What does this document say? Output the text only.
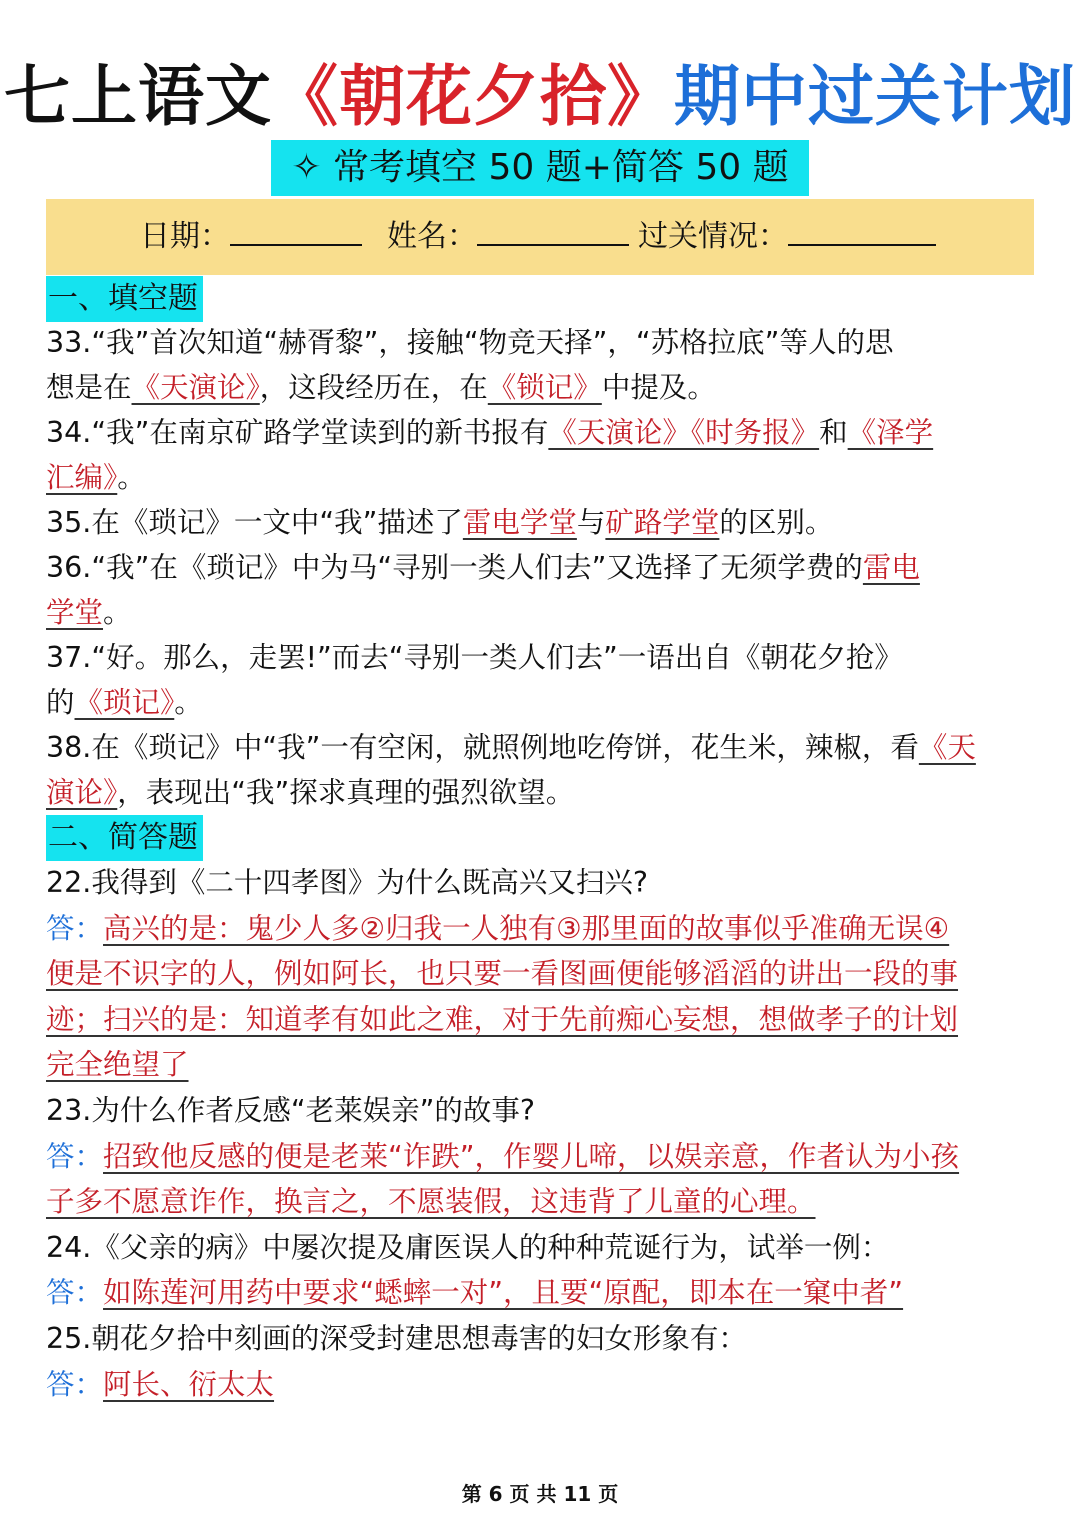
七上语文《朝花夕拾》期中过关计划
✧ 常考填空 50 题+简答 50 题
日期：	姓名：	过关情况：
一、填空题
33.“我”首次知道“赫胥黎”，接触“物竞天择”，“苏格拉底”等人的思
想是在《天演论》，这段经历在，在《锁记》中提及。
34.“我”在南京矿路学堂读到的新书报有《天演论》《时务报》和《泽学
汇编》。
35.在《琐记》一文中“我”描述了雷电学堂与矿路学堂的区别。
36.“我”在《琐记》中为马“寻别一类人们去”又选择了无须学费的雷电
学堂。
37.“好。那么，走罢!”而去“寻别一类人们去”一语出自《朝花夕抢》
的《琐记》。
38.在《琐记》中“我”一有空闲，就照例地吃侉饼，花生米，辣椒，看《天
演论》，表现出“我”探求真理的强烈欲望。
二、简答题
22.我得到《二十四孝图》为什么既高兴又扫兴?
答：高兴的是：鬼少人多②归我一人独有③那里面的故事似乎准确无误④
便是不识字的人，例如阿长，也只要一看图画便能够滔滔的讲出一段的事
迹；扫兴的是：知道孝有如此之难，对于先前痴心妄想，想做孝子的计划
完全绝望了
23.为什么作者反感“老莱娱亲”的故事?
答：招致他反感的便是老莱“诈跌”，作婴儿啼，以娱亲意，作者认为小孩
子多不愿意诈作，换言之，不愿装假，这违背了儿童的心理。
24.《父亲的病》中屡次提及庸医误人的种种荒诞行为，试举一例：
答：如陈莲河用药中要求“蟋蟀一对”，且要“原配，即本在一窠中者”
25.朝花夕拾中刻画的深受封建思想毒害的妇女形象有：
答：阿长、衍太太
第 6 页 共 11 页
